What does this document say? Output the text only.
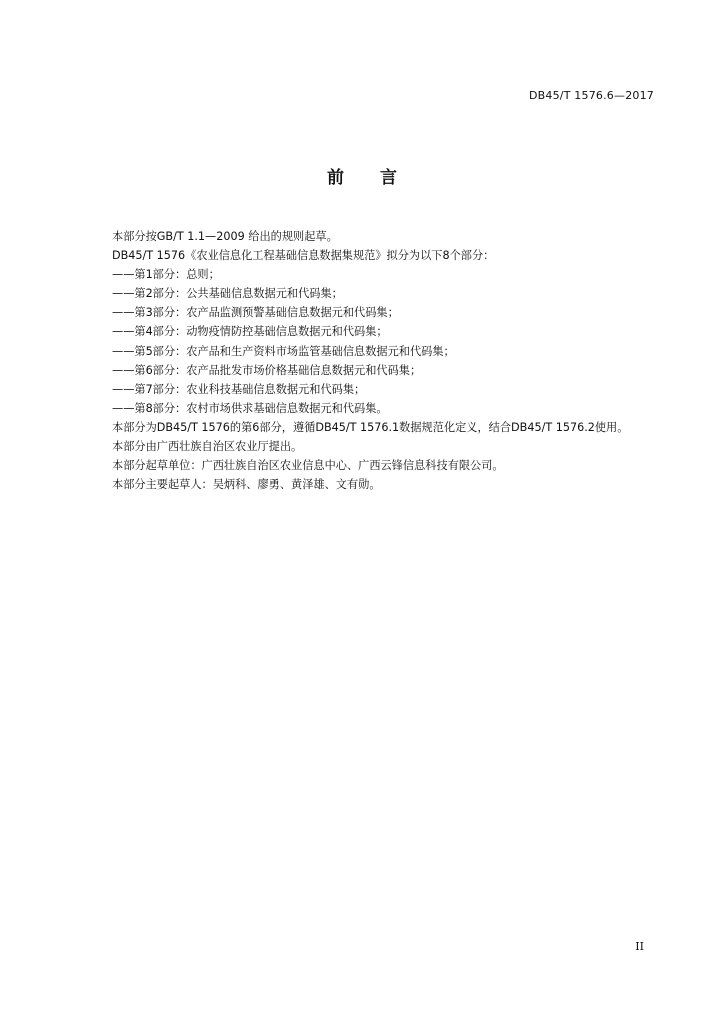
DB45/T 1576.6—2017
前言
本部分按GB/T 1.1—2009 给出的规则起草。
DB45/T 1576《农业信息化工程基础信息数据集规范》拟分为以下8个部分：
——第1部分：总则；
——第2部分：公共基础信息数据元和代码集；
——第3部分：农产品监测预警基础信息数据元和代码集；
——第4部分：动物疫情防控基础信息数据元和代码集；
——第5部分：农产品和生产资料市场监管基础信息数据元和代码集；
——第6部分：农产品批发市场价格基础信息数据元和代码集；
——第7部分：农业科技基础信息数据元和代码集；
——第8部分：农村市场供求基础信息数据元和代码集。
本部分为DB45/T 1576的第6部分，遵循DB45/T 1576.1数据规范化定义，结合DB45/T 1576.2使用。
本部分由广西壮族自治区农业厅提出。
本部分起草单位：广西壮族自治区农业信息中心、广西云锋信息科技有限公司。
本部分主要起草人：吴炳科、廖勇、黄泽雄、文有勋。
II
